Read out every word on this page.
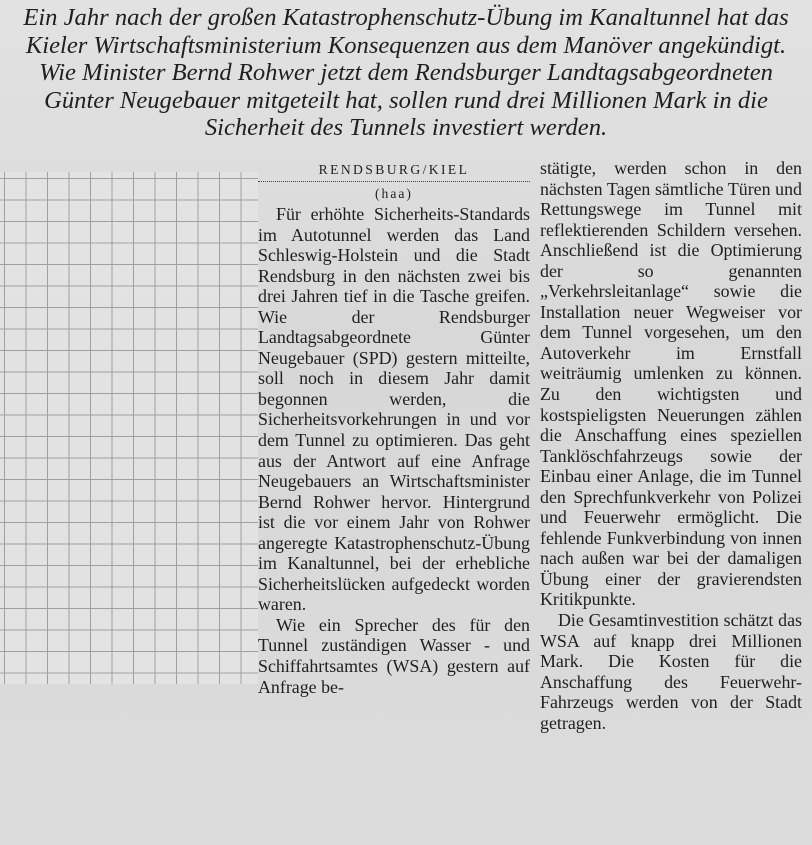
Ein Jahr nach der großen Katastrophenschutz-Übung im Kanaltunnel hat das Kieler Wirtschaftsministerium Konsequenzen aus dem Manöver angekündigt. Wie Minister Bernd Rohwer jetzt dem Rendsburger Landtagsabgeordneten Günter Neugebauer mitgeteilt hat, sollen rund drei Millionen Mark in die Sicherheit des Tunnels investiert werden.

RENDSBURG/KIEL

(haa)

Für erhöhte Sicherheits-Standards im Autotunnel werden das Land Schleswig-Holstein und die Stadt Rendsburg in den nächsten zwei bis drei Jahren tief in die Tasche greifen. Wie der Rendsburger Landtagsabgeordnete Günter Neugebauer (SPD) gestern mitteilte, soll noch in diesem Jahr damit begonnen werden, die Sicherheitsvorkehrungen in und vor dem Tunnel zu optimieren. Das geht aus der Antwort auf eine Anfrage Neugebauers an Wirtschaftsminister Bernd Rohwer hervor. Hintergrund ist die vor einem Jahr von Rohwer angeregte Katastrophenschutz-Übung im Kanaltunnel, bei der erhebliche Sicherheitslücken aufgedeckt worden waren.

Wie ein Sprecher des für den Tunnel zuständigen Wasser - und Schiffahrtsamtes (WSA) gestern auf Anfrage be-

stätigte, werden schon in den nächsten Tagen sämtliche Türen und Rettungswege im Tunnel mit reflektierenden Schildern versehen. Anschließend ist die Optimierung der so genannten „Verkehrsleitanlage“ sowie die Installation neuer Wegweiser vor dem Tunnel vorgesehen, um den Autoverkehr im Ernstfall weiträumig umlenken zu können. Zu den wichtigsten und kostspieligsten Neuerungen zählen die Anschaffung eines speziellen Tanklöschfahrzeugs sowie der Einbau einer Anlage, die im Tunnel den Sprechfunkverkehr von Polizei und Feuerwehr ermöglicht. Die fehlende Funkverbindung von innen nach außen war bei der damaligen Übung einer der gravierendsten Kritikpunkte.

Die Gesamtinvestition schätzt das WSA auf knapp drei Millionen Mark. Die Kosten für die Anschaffung des Feuerwehr-Fahrzeugs werden von der Stadt getragen.
